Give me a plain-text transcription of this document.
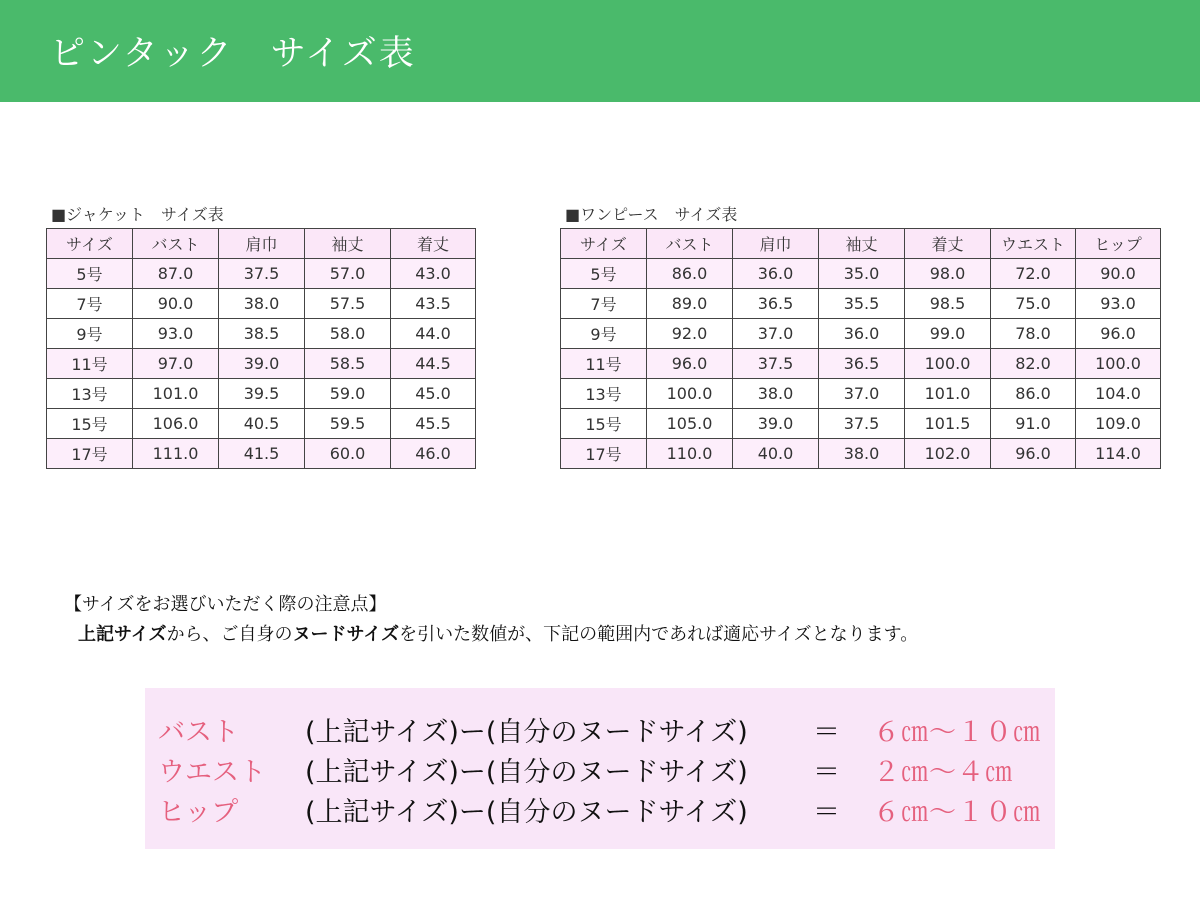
ピンタック　サイズ表
■ジャケット　サイズ表
サイズ	バスト	肩巾	袖丈	着丈
5号	87.0	37.5	57.0	43.0
7号	90.0	38.0	57.5	43.5
9号	93.0	38.5	58.0	44.0
11号	97.0	39.0	58.5	44.5
13号	101.0	39.5	59.0	45.0
15号	106.0	40.5	59.5	45.5
17号	111.0	41.5	60.0	46.0
■ワンピース　サイズ表
サイズ	バスト	肩巾	袖丈	着丈	ウエスト	ヒップ
5号	86.0	36.0	35.0	98.0	72.0	90.0
7号	89.0	36.5	35.5	98.5	75.0	93.0
9号	92.0	37.0	36.0	99.0	78.0	96.0
11号	96.0	37.5	36.5	100.0	82.0	100.0
13号	100.0	38.0	37.0	101.0	86.0	104.0
15号	105.0	39.0	37.5	101.5	91.0	109.0
17号	110.0	40.0	38.0	102.0	96.0	114.0
【サイズをお選びいただく際の注意点】
上記サイズから、ご自身のヌードサイズを引いた数値が、下記の範囲内であれば適応サイズとなります。
バスト (上記サイズ)ー(自分のヌードサイズ) ＝ ６㎝～１０㎝
ウエスト (上記サイズ)ー(自分のヌードサイズ) ＝ ２㎝～４㎝
ヒップ (上記サイズ)ー(自分のヌードサイズ) ＝ ６㎝～１０㎝
